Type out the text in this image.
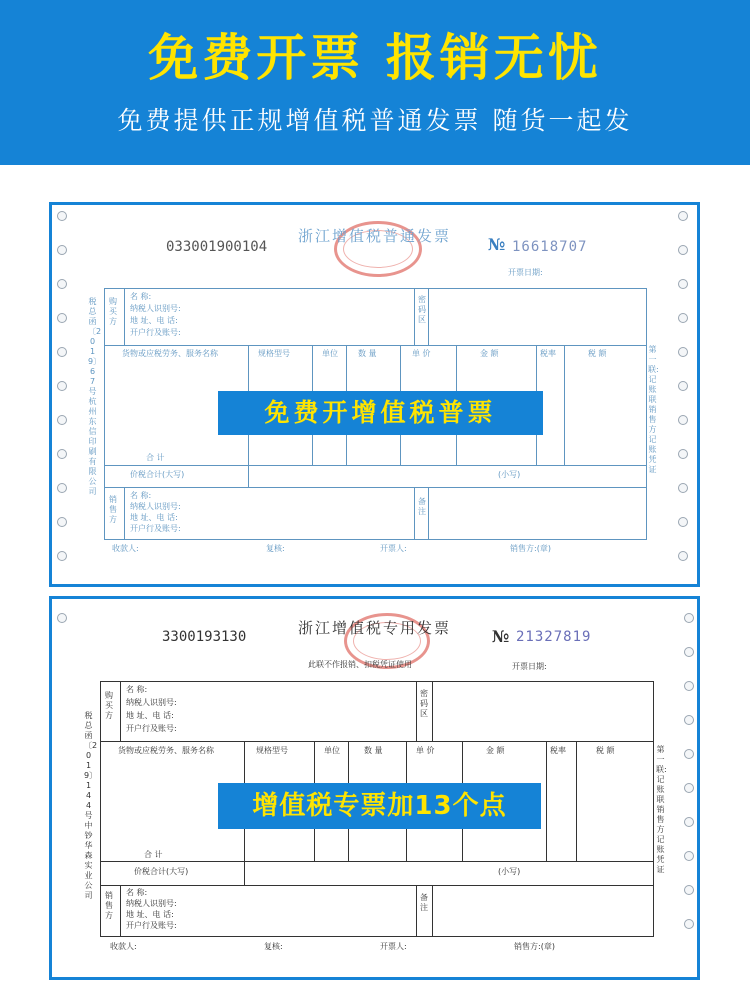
免费开票 报销无忧
免费提供正规增值税普通发票 随货一起发
033001900104
浙江增值税普通发票 № 16618707
开票日期:
税总函〔2019〕67号 杭州东信印刷有限公司
第一联:记账联 销售方记账凭证
购买方
密码区
名 称:
纳税人识别号:
地 址、电 话:
开户行及账号:
货物或应税劳务、服务名称	规格型号	单位	数 量	单 价	金 额	税率	税 额
合 计
价税合计(大写)	(小写)
销售方
备注
名 称:
纳税人识别号:
地 址、电 话:
开户行及账号:
收款人:	复核:	开票人:	销售方:(章)
免费开增值税普票
3300193130	浙江增值税专用发票	№ 21327819
此联不作报销、扣税凭证使用	开票日期:
税总函〔2019〕144号中钞华森实业公司
第一联:记账联 销售方记账凭证
购买方
密码区
名 称:
纳税人识别号:
地 址、电 话:
开户行及账号:
货物或应税劳务、服务名称	规格型号	单位	数 量	单 价	金 额	税率	税 额
合 计
价税合计(大写)	(小写)
销售方
备注
名 称:
纳税人识别号:
地 址、电 话:
开户行及账号:
收款人:	复核:	开票人:	销售方:(章)
增值税专票加13个点
